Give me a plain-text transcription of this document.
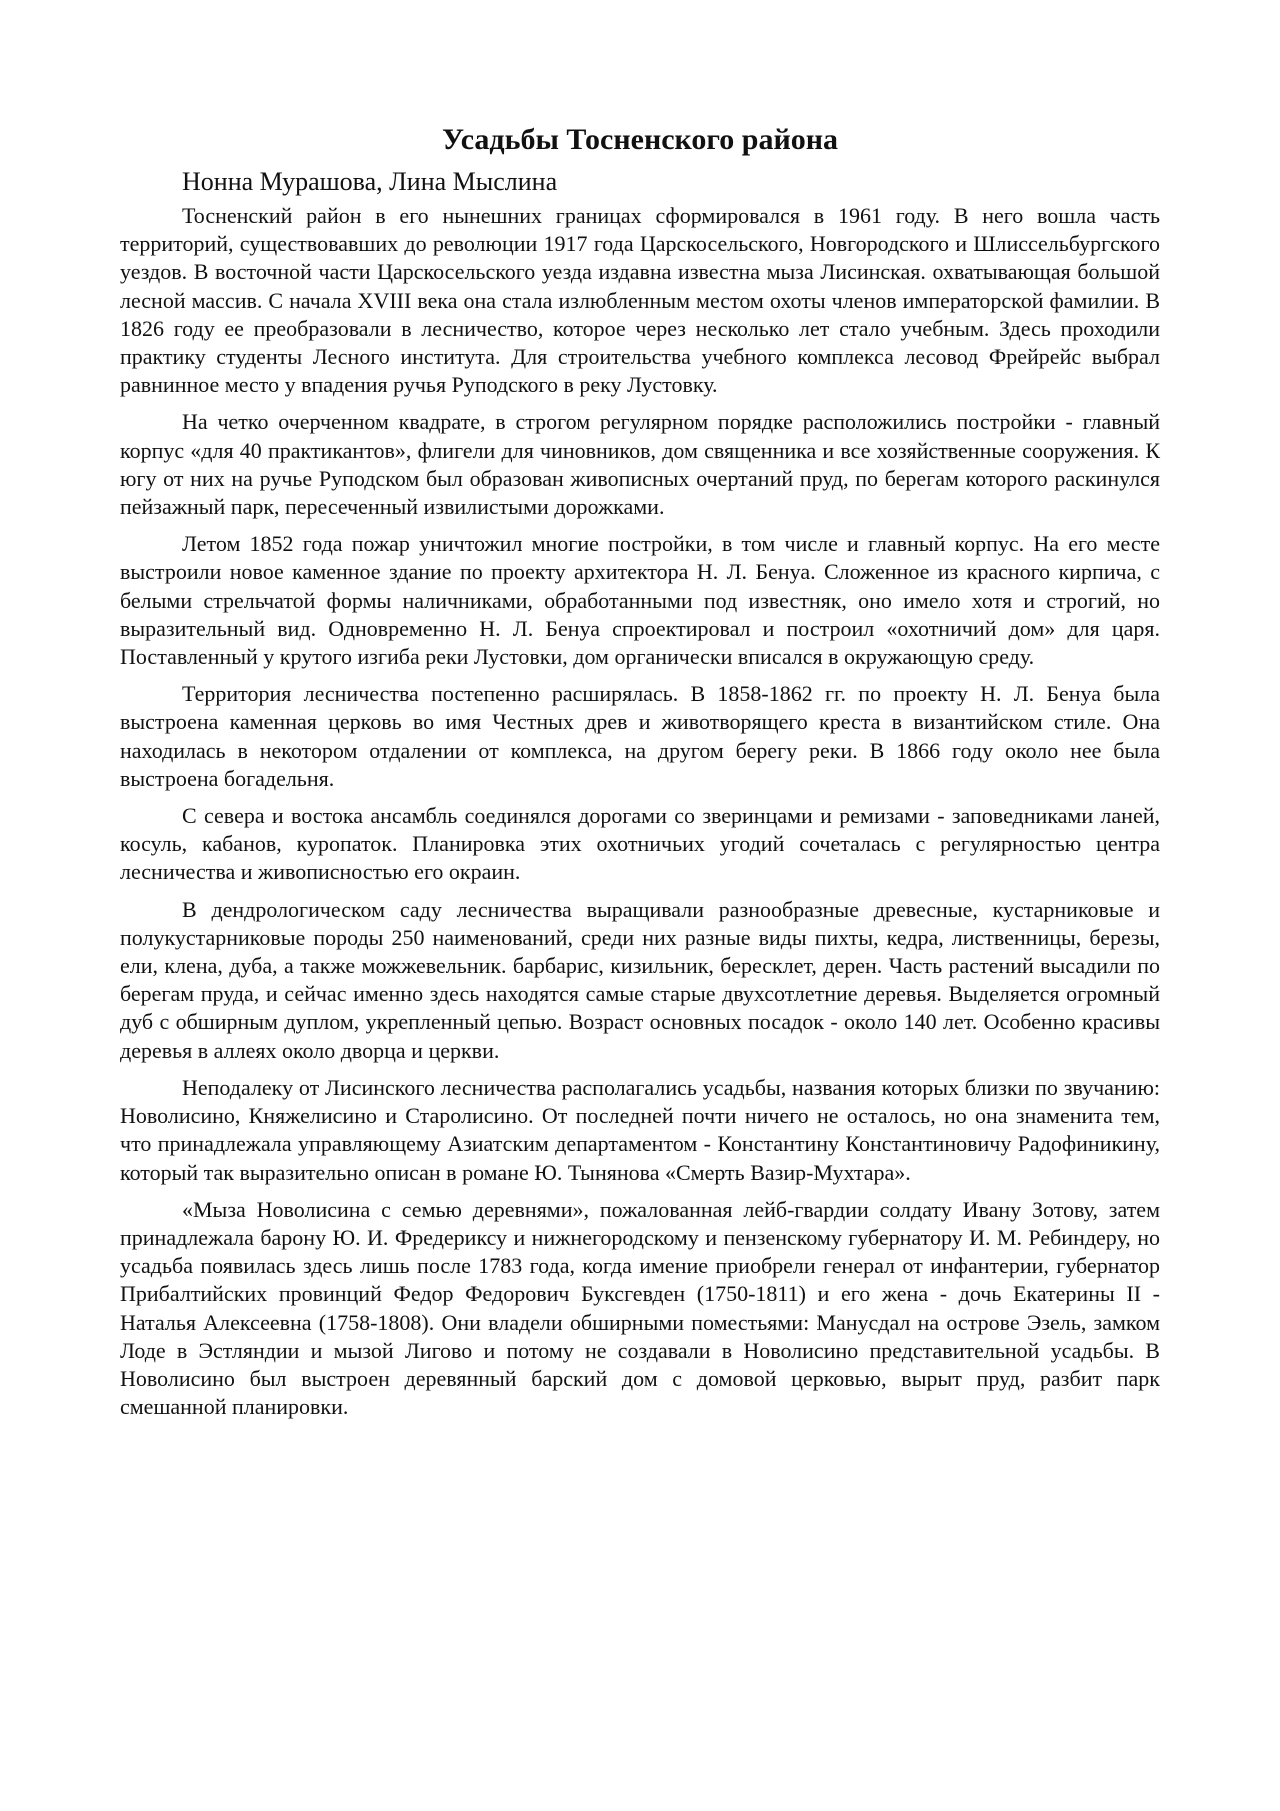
Усадьбы Тосненского района
Нонна Мурашова, Лина Мыслина

Тосненский район в его нынешних границах сформировался в 1961 году. В него вошла часть территорий, существовавших до революции 1917 года Царскосельского, Новгородского и Шлиссельбургского уездов. В восточной части Царскосельского уезда издавна известна мыза Лисинская. охватывающая большой лесной массив. С начала XVIII века она стала излюбленным местом охоты членов императорской фамилии. В 1826 году ее преобразовали в лесничество, которое через несколько лет стало учебным. Здесь проходили практику студенты Лесного института. Для строительства учебного комплекса лесовод Фрейрейс выбрал равнинное место у впадения ручья Руподского в реку Лустовку.

На четко очерченном квадрате, в строгом регулярном порядке расположились постройки - главный корпус «для 40 практикантов», флигели для чиновников, дом священника и все хозяйственные сооружения. К югу от них на ручье Руподском был образован живописных очертаний пруд, по берегам которого раскинулся пейзажный парк, пересеченный извилистыми дорожками.

Летом 1852 года пожар уничтожил многие постройки, в том числе и главный корпус. На его месте выстроили новое каменное здание по проекту архитектора Н. Л. Бенуа. Сложенное из красного кирпича, с белыми стрельчатой формы наличниками, обработанными под известняк, оно имело хотя и строгий, но выразительный вид. Одновременно Н. Л. Бенуа спроектировал и построил «охотничий дом» для царя. Поставленный у крутого изгиба реки Лустовки, дом органически вписался в окружающую среду.

Территория лесничества постепенно расширялась. В 1858-1862 гг. по проекту Н. Л. Бенуа была выстроена каменная церковь во имя Честных древ и животворящего креста в византийском стиле. Она находилась в некотором отдалении от комплекса, на другом берегу реки. В 1866 году около нее была выстроена богадельня.

С севера и востока ансамбль соединялся дорогами со зверинцами и ремизами - заповедниками ланей, косуль, кабанов, куропаток. Планировка этих охотничьих угодий сочеталась с регулярностью центра лесничества и живописностью его окраин.

В дендрологическом саду лесничества выращивали разнообразные древесные, кустарниковые и полукустарниковые породы 250 наименований, среди них разные виды пихты, кедра, лиственницы, березы, ели, клена, дуба, а также можжевельник. барбарис, кизильник, бересклет, дерен. Часть растений высадили по берегам пруда, и сейчас именно здесь находятся самые старые двухсотлетние деревья. Выделяется огромный дуб с обширным дуплом, укрепленный цепью. Возраст основных посадок - около 140 лет. Особенно красивы деревья в аллеях около дворца и церкви.

Неподалеку от Лисинского лесничества располагались усадьбы, названия которых близки по звучанию: Новолисино, Княжелисино и Старолисино. От последней почти ничего не осталось, но она знаменита тем, что принадлежала управляющему Азиатским департаментом - Константину Константиновичу Радофиникину, который так выразительно описан в романе Ю. Тынянова «Смерть Вазир-Мухтара».

«Мыза Новолисина с семью деревнями», пожалованная лейб-гвардии солдату Ивану Зотову, затем принадлежала барону Ю. И. Фредериксу и нижнегородскому и пензенскому губернатору И. М. Ребиндеру, но усадьба появилась здесь лишь после 1783 года, когда имение приобрели генерал от инфантерии, губернатор Прибалтийских провинций Федор Федорович Буксгевден (1750-1811) и его жена - дочь Екатерины II - Наталья Алексеевна (1758-1808). Они владели обширными поместьями: Манусдал на острове Эзель, замком Лоде в Эстляндии и мызой Лигово и потому не создавали в Новолисино представительной усадьбы. В Новолисино был выстроен деревянный барский дом с домовой церковью, вырыт пруд, разбит парк смешанной планировки.
